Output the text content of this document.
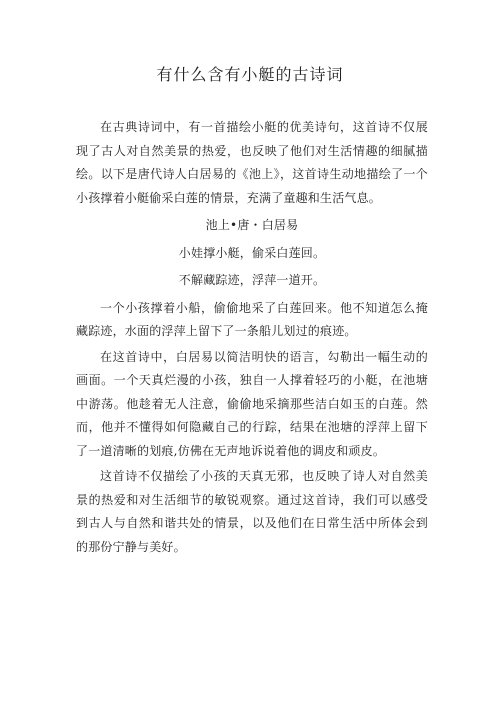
有什么含有小艇的古诗词

在古典诗词中，有一首描绘小艇的优美诗句，这首诗不仅展现了古人对自然美景的热爱，也反映了他们对生活情趣的细腻描绘。以下是唐代诗人白居易的《池上》，这首诗生动地描绘了一个小孩撑着小艇偷采白莲的情景，充满了童趣和生活气息。

池上•唐・白居易

小娃撑小艇，偷采白莲回。

不解藏踪迹，浮萍一道开。

一个小孩撑着小船，偷偷地采了白莲回来。他不知道怎么掩藏踪迹，水面的浮萍上留下了一条船儿划过的痕迹。

在这首诗中，白居易以简洁明快的语言，勾勒出一幅生动的画面。一个天真烂漫的小孩，独自一人撑着轻巧的小艇，在池塘中游荡。他趁着无人注意，偷偷地采摘那些洁白如玉的白莲。然而，他并不懂得如何隐藏自己的行踪，结果在池塘的浮萍上留下了一道清晰的划痕,仿佛在无声地诉说着他的调皮和顽皮。

这首诗不仅描绘了小孩的天真无邪，也反映了诗人对自然美景的热爱和对生活细节的敏锐观察。通过这首诗，我们可以感受到古人与自然和谐共处的情景，以及他们在日常生活中所体会到的那份宁静与美好。
